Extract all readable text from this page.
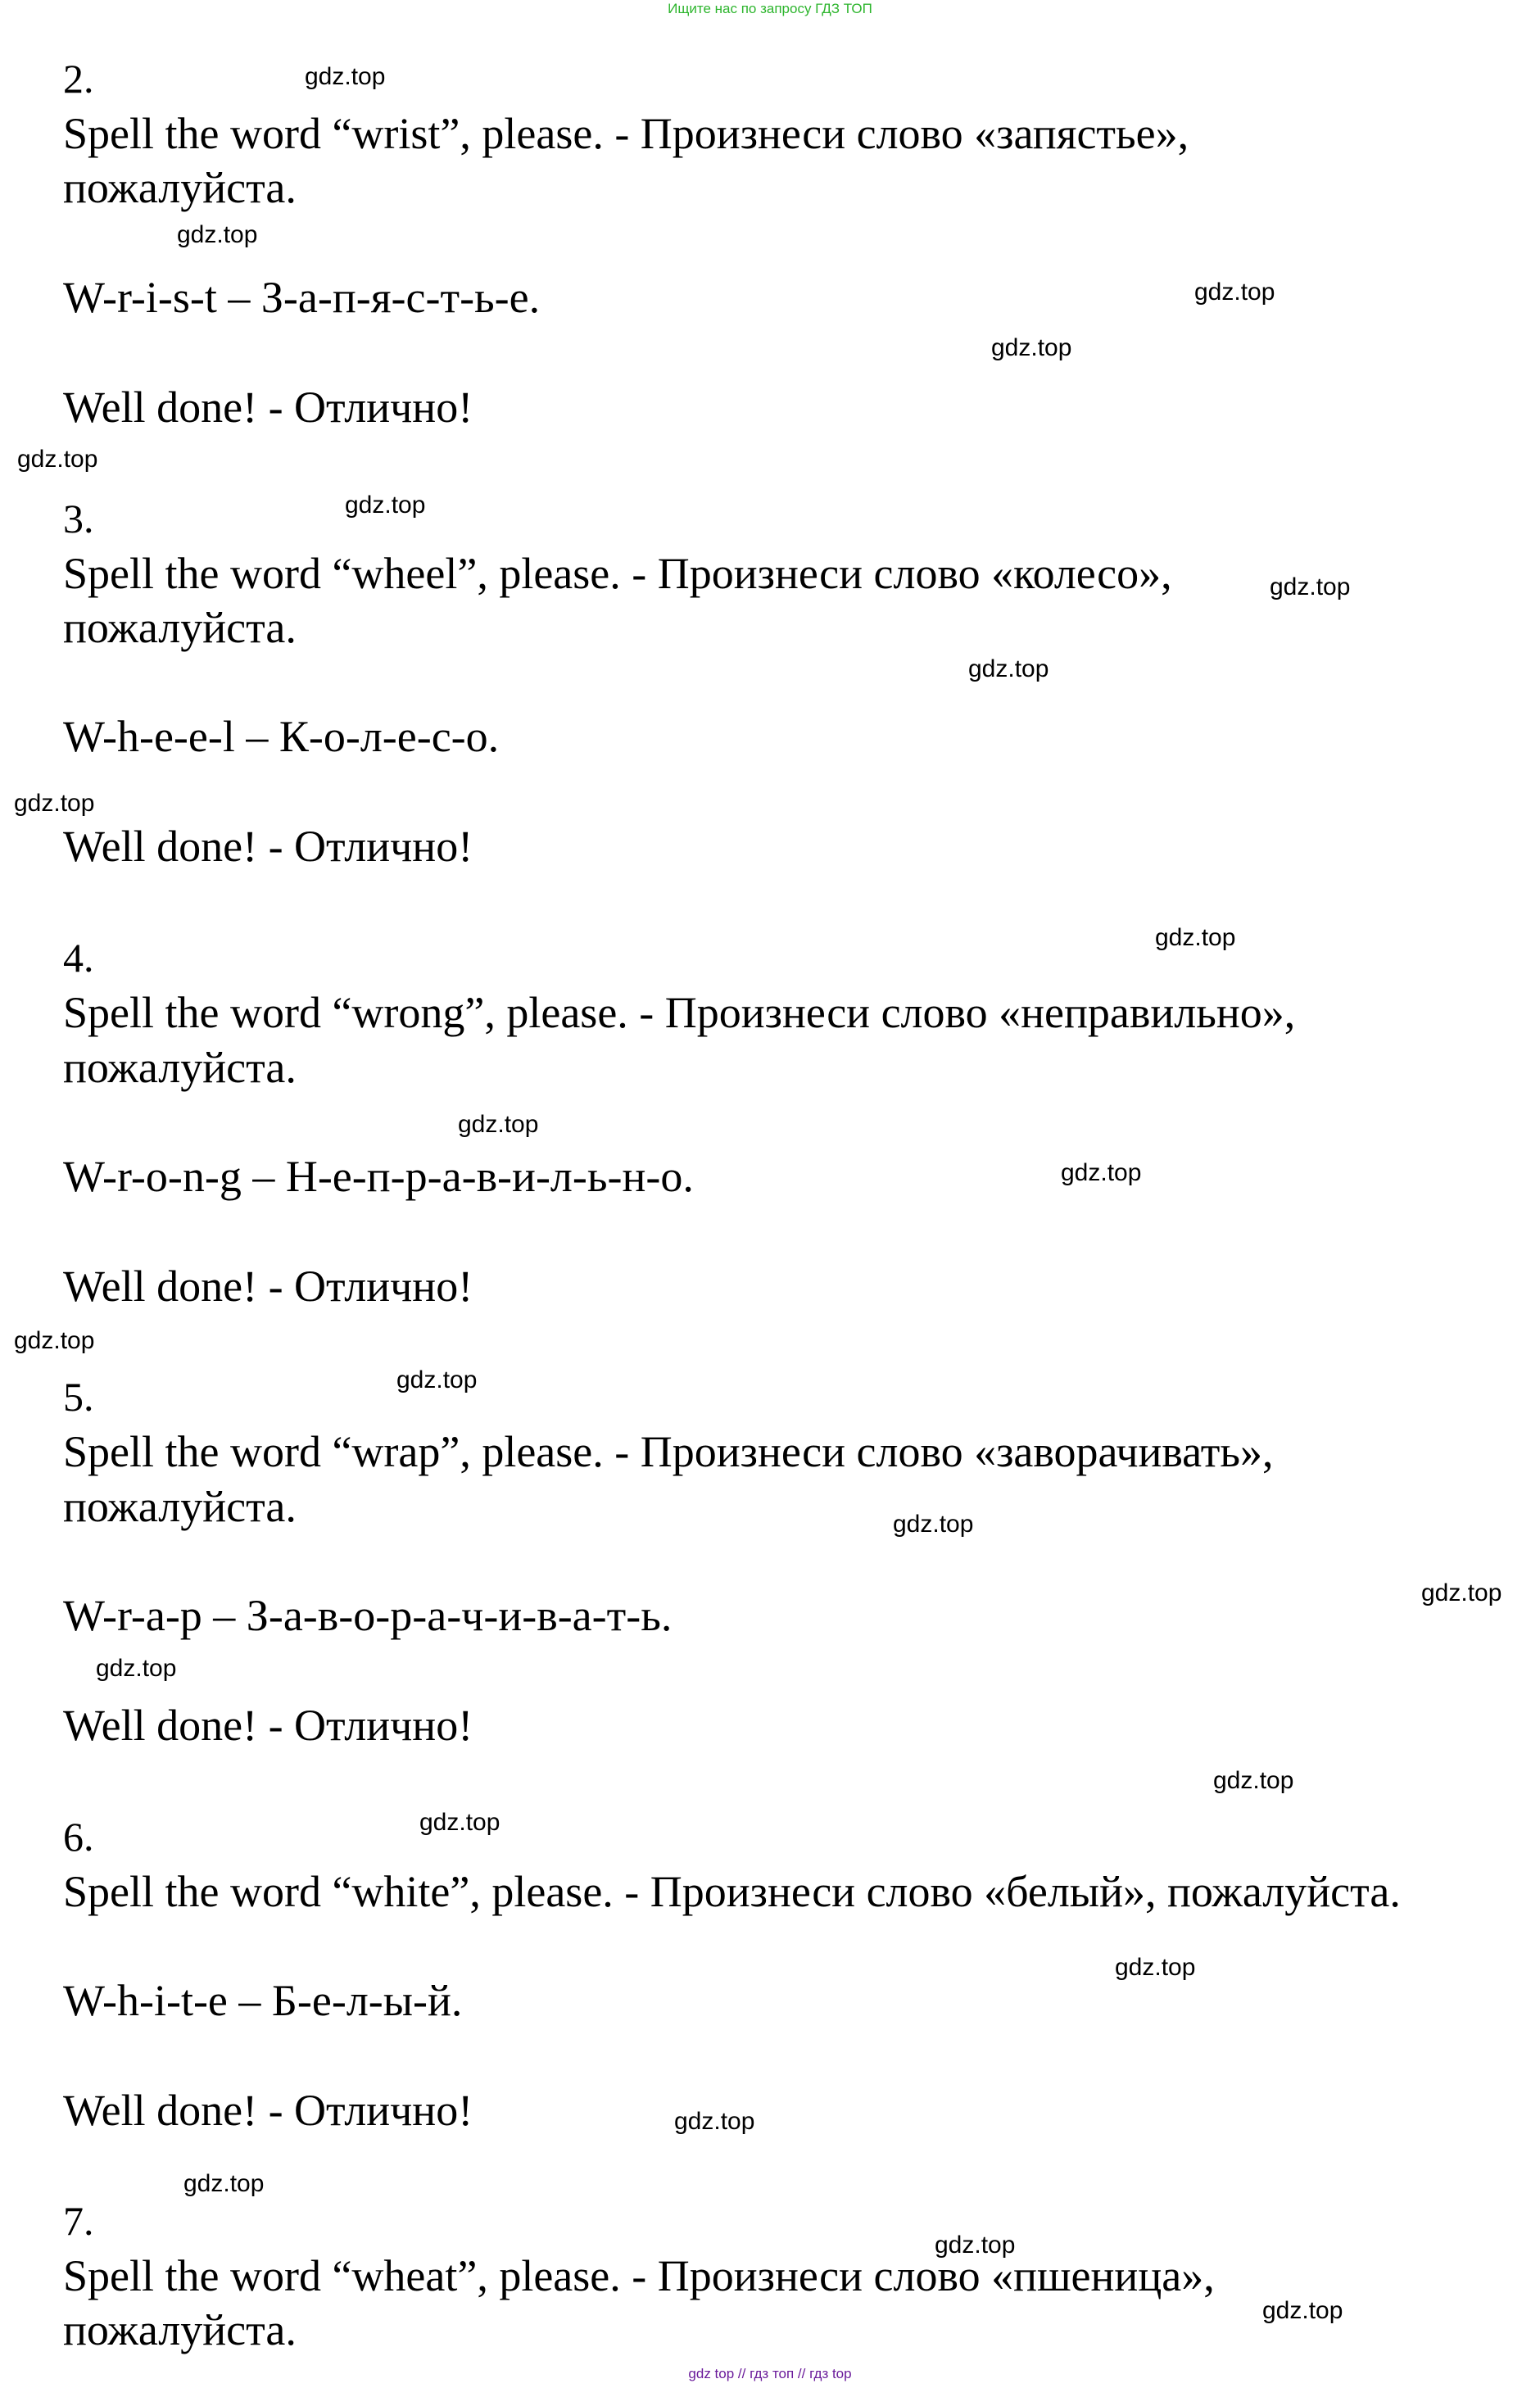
Ищите нас по запросу ГДЗ ТОП
2.
Spell the word “wrist”, please. - Произнеси слово «запястье»,
пожалуйста.
W-r-i-s-t – З-а-п-я-с-т-ь-е.
Well done! - Отлично!
3.
Spell the word “wheel”, please. - Произнеси слово «колесо»,
пожалуйста.
W-h-e-e-l – К-о-л-е-с-о.
Well done! - Отлично!
4.
Spell the word “wrong”, please. - Произнеси слово «неправильно»,
пожалуйста.
W-r-o-n-g – Н-е-п-р-а-в-и-л-ь-н-о.
Well done! - Отлично!
5.
Spell the word “wrap”, please. - Произнеси слово «заворачивать»,
пожалуйста.
W-r-a-p – З-а-в-о-р-а-ч-и-в-а-т-ь.
Well done! - Отлично!
6.
Spell the word “white”, please. - Произнеси слово «белый», пожалуйста.
W-h-i-t-e – Б-е-л-ы-й.
Well done! - Отлично!
7.
Spell the word “wheat”, please. - Произнеси слово «пшеница»,
пожалуйста.
gdz.top
gdz.top
gdz.top
gdz.top
gdz.top
gdz.top
gdz.top
gdz.top
gdz.top
gdz.top
gdz.top
gdz.top
gdz.top
gdz.top
gdz.top
gdz.top
gdz.top
gdz.top
gdz.top
gdz.top
gdz.top
gdz.top
gdz.top
gdz.top
gdz top // гдз топ // гдз top
